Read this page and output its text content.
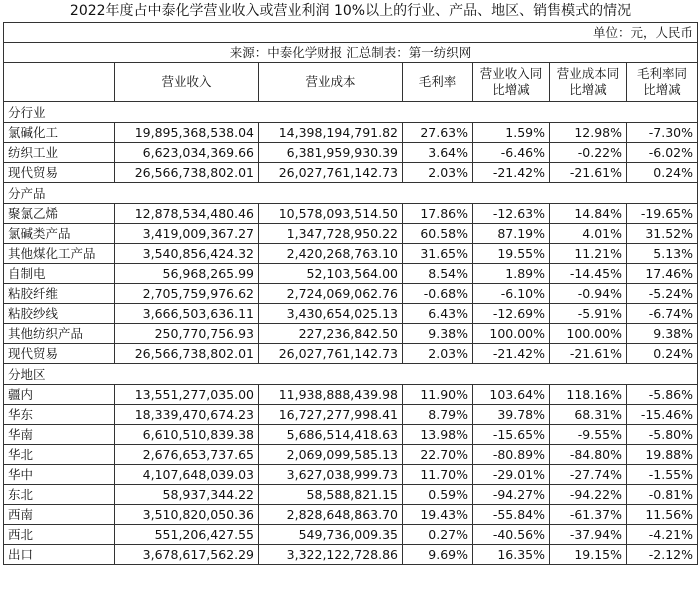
2022年度占中泰化学营业收入或营业利润 10%以上的行业、产品、地区、销售模式的情况						
单位：元，人民币						
来源：中泰化学财报 汇总制表：第一纺织网						
	营业收入	营业成本	毛利率	营业收入同比增减	营业成本同比增减	毛利率同比增减
分行业						
氯碱化工	19,895,368,538.04	14,398,194,791.82	27.63%	1.59%	12.98%	-7.30%
纺织工业	6,623,034,369.66	6,381,959,930.39	3.64%	-6.46%	-0.22%	-6.02%
现代贸易	26,566,738,802.01	26,027,761,142.73	2.03%	-21.42%	-21.61%	0.24%
分产品						
聚氯乙烯	12,878,534,480.46	10,578,093,514.50	17.86%	-12.63%	14.84%	-19.65%
氯碱类产品	3,419,009,367.27	1,347,728,950.22	60.58%	87.19%	4.01%	31.52%
其他煤化工产品	3,540,856,424.32	2,420,268,763.10	31.65%	19.55%	11.21%	5.13%
自制电	56,968,265.99	52,103,564.00	8.54%	1.89%	-14.45%	17.46%
粘胶纤维	2,705,759,976.62	2,724,069,062.76	-0.68%	-6.10%	-0.94%	-5.24%
粘胶纱线	3,666,503,636.11	3,430,654,025.13	6.43%	-12.69%	-5.91%	-6.74%
其他纺织产品	250,770,756.93	227,236,842.50	9.38%	100.00%	100.00%	9.38%
现代贸易	26,566,738,802.01	26,027,761,142.73	2.03%	-21.42%	-21.61%	0.24%
分地区						
疆内	13,551,277,035.00	11,938,888,439.98	11.90%	103.64%	118.16%	-5.86%
华东	18,339,470,674.23	16,727,277,998.41	8.79%	39.78%	68.31%	-15.46%
华南	6,610,510,839.38	5,686,514,418.63	13.98%	-15.65%	-9.55%	-5.80%
华北	2,676,653,737.65	2,069,099,585.13	22.70%	-80.89%	-84.80%	19.88%
华中	4,107,648,039.03	3,627,038,999.73	11.70%	-29.01%	-27.74%	-1.55%
东北	58,937,344.22	58,588,821.15	0.59%	-94.27%	-94.22%	-0.81%
西南	3,510,820,050.36	2,828,648,863.70	19.43%	-55.84%	-61.37%	11.56%
西北	551,206,427.55	549,736,009.35	0.27%	-40.56%	-37.94%	-4.21%
出口	3,678,617,562.29	3,322,122,728.86	9.69%	16.35%	19.15%	-2.12%
